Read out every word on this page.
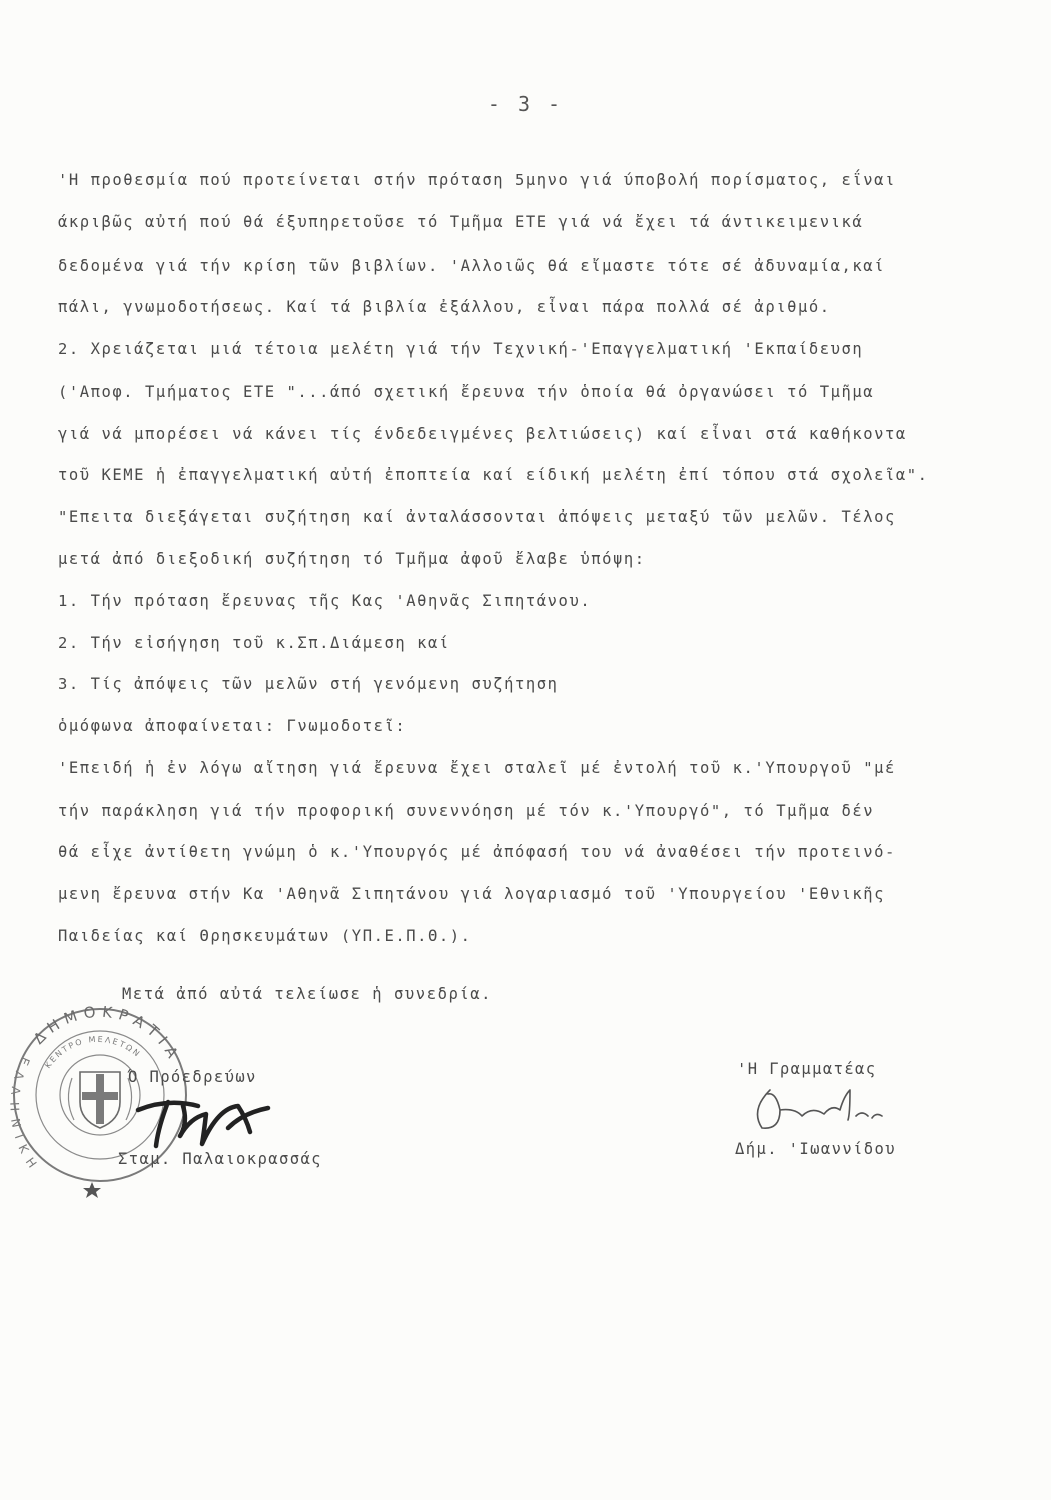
- 3 -
'Η προθεσμία πού προτείνεται στήν πρόταση 5μηνο γιά ύποβολή πορίσματος, εΐναι
άκριβῶς αὐτή πού θά έξυπηρετοῦσε τό Τμῆμα ΕΤΕ γιά νά ἔχει τά άντικειμενικά
δεδομένα γιά τήν κρίση τῶν βιβλίων. 'Αλλοιῶς θά εἴμαστε τότε σέ ἀδυναμία,καί
πάλι, γνωμοδοτήσεως. Καί τά βιβλία ἐξάλλου, εἶναι πάρα πολλά σέ ἀριθμό.
2. Χρειάζεται μιά τέτοια μελέτη γιά τήν Τεχνική-'Επαγγελματική 'Εκπαίδευση
('Αποφ. Τμήματος ΕΤΕ "...άπό σχετική ἔρευνα τήν ὁποία θά ὀργανώσει τό Τμῆμα
γιά νά μπορέσει νά κάνει τίς ένδεδειγμένες βελτιώσεις) καί εἶναι στά καθήκοντα
τοῦ ΚΕΜΕ ἡ ἐπαγγελματική αὐτή ἐποπτεία καί είδική μελέτη ἐπί τόπου στά σχολεῖα".
"Επειτα διεξάγεται συζήτηση καί ἀνταλάσσονται ἀπόψεις μεταξύ τῶν μελῶν. Τέλος
μετά ἀπό διεξοδική συζήτηση τό Τμῆμα ἀφοῦ ἔλαβε ὑπόψη:
1. Τήν πρόταση ἔρευνας τῆς Κας 'Αθηνᾶς Σιπητάνου.
2. Τήν εἰσήγηση τοῦ κ.Σπ.Διάμεση καί
3. Τίς ἀπόψεις τῶν μελῶν στή γενόμενη συζήτηση
ὁμόφωνα ἀποφαίνεται: Γνωμοδοτεῖ:
'Επειδή ἡ ἐν λόγω αἴτηση γιά ἔρευνα ἔχει σταλεῖ μέ ἐντολή τοῦ κ.'Υπουργοῦ "μέ
τήν παράκληση γιά τήν προφορική συνεννόηση μέ τόν κ.'Υπουργό", τό Τμῆμα δέν
θά εἶχε ἀντίθετη γνώμη ὁ κ.'Υπουργός μέ ἀπόφασή του νά ἀναθέσει τήν προτεινό-
μενη ἔρευνα στήν Κα 'Αθηνᾶ Σιπητάνου γιά λογαριασμό τοῦ 'Υπουργείου 'Εθνικῆς
Παιδείας καί Θρησκευμάτων (ΥΠ.Ε.Π.Θ.).
Μετά ἀπό αὐτά τελείωσε ἡ συνεδρία.
ΔΗΜΟΚΡΑΤΙΑ
ΚΕΝΤΡΟ ΜΕΛΕΤΩΝ
ΕΛΛΗΝΙΚΗ
Ό Πρόεδρεύων
Σταμ. Παλαιοκρασσάς
'Η Γραμματέας
Δήμ. 'Ιωαννίδου
